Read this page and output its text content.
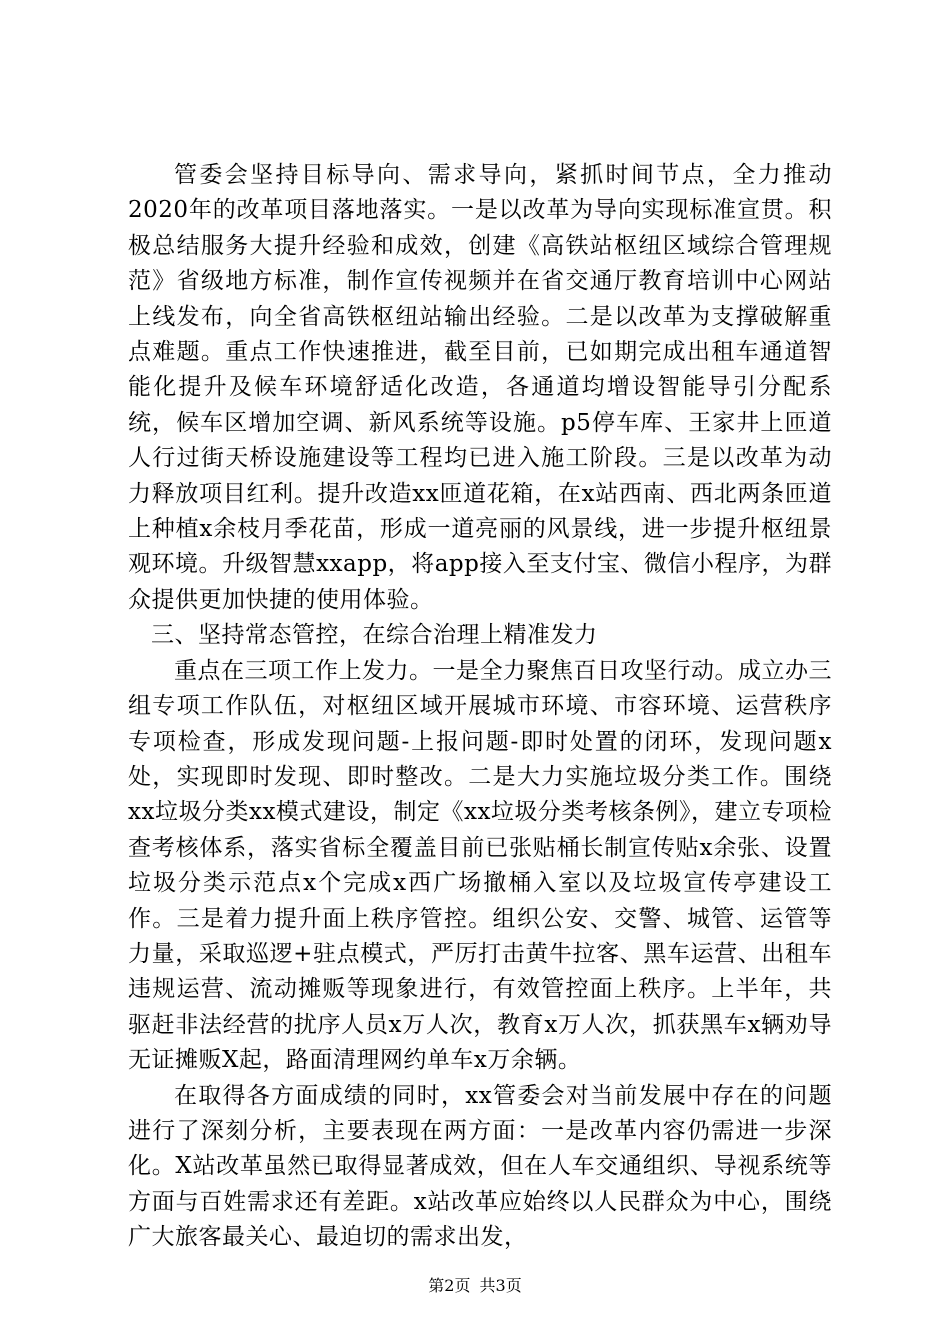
管委会坚持目标导向、需求导向，紧抓时间节点，全力推动2020年的改革项目落地落实。一是以改革为导向实现标准宣贯。积极总结服务大提升经验和成效，创建《高铁站枢纽区域综合管理规范》省级地方标准，制作宣传视频并在省交通厅教育培训中心网站上线发布，向全省高铁枢纽站输出经验。二是以改革为支撑破解重点难题。重点工作快速推进，截至目前，已如期完成出租车通道智能化提升及候车环境舒适化改造，各通道均增设智能导引分配系统，候车区增加空调、新风系统等设施。p5停车库、王家井上匝道人行过街天桥设施建设等工程均已进入施工阶段。三是以改革为动力释放项目红利。提升改造xx匝道花箱，在x站西南、西北两条匝道上种植x余枝月季花苗，形成一道亮丽的风景线，进一步提升枢纽景观环境。升级智慧xxapp，将app接入至支付宝、微信小程序，为群众提供更加快捷的使用体验。

三、坚持常态管控，在综合治理上精准发力

重点在三项工作上发力。一是全力聚焦百日攻坚行动。成立办三组专项工作队伍，对枢纽区域开展城市环境、市容环境、运营秩序专项检查，形成发现问题-上报问题-即时处置的闭环，发现问题x处，实现即时发现、即时整改。二是大力实施垃圾分类工作。围绕xx垃圾分类xx模式建设，制定《xx垃圾分类考核条例》，建立专项检查考核体系，落实省标全覆盖目前已张贴桶长制宣传贴x余张、设置垃圾分类示范点x个完成x西广场撤桶入室以及垃圾宣传亭建设工作。三是着力提升面上秩序管控。组织公安、交警、城管、运管等力量，采取巡逻+驻点模式，严厉打击黄牛拉客、黑车运营、出租车违规运营、流动摊贩等现象进行，有效管控面上秩序。上半年，共驱赶非法经营的扰序人员x万人次，教育x万人次，抓获黑车x辆劝导无证摊贩X起，路面清理网约单车x万余辆。

在取得各方面成绩的同时，xx管委会对当前发展中存在的问题进行了深刻分析，主要表现在两方面：一是改革内容仍需进一步深化。X站改革虽然已取得显著成效，但在人车交通组织、导视系统等方面与百姓需求还有差距。x站改革应始终以人民群众为中心，围绕广大旅客最关心、最迫切的需求出发，

第2页 共3页
